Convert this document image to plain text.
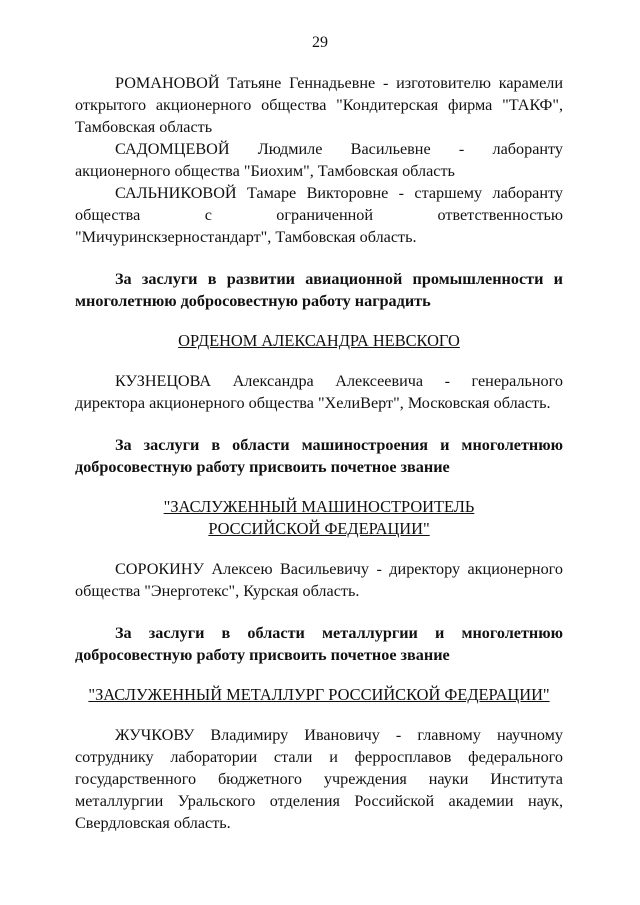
29

РОМАНОВОЙ Татьяне Геннадьевне - изготовителю карамели открытого акционерного общества "Кондитерская фирма "ТАКФ", Тамбовская область

САДОМЦЕВОЙ Людмиле Васильевне - лаборанту акционерного общества "Биохим", Тамбовская область

САЛЬНИКОВОЙ Тамаре Викторовне - старшему лаборанту общества с ограниченной ответственностью "Мичуринскзерностандарт", Тамбовская область.

За заслуги в развитии авиационной промышленности и многолетнюю добросовестную работу наградить

ОРДЕНОМ АЛЕКСАНДРА НЕВСКОГО

КУЗНЕЦОВА Александра Алексеевича - генерального директора акционерного общества "ХелиВерт", Московская область.

За заслуги в области машиностроения и многолетнюю добросовестную работу присвоить почетное звание

"ЗАСЛУЖЕННЫЙ МАШИНОСТРОИТЕЛЬ

РОССИЙСКОЙ ФЕДЕРАЦИИ"

СОРОКИНУ Алексею Васильевичу - директору акционерного общества "Энерготекс", Курская область.

За заслуги в области металлургии и многолетнюю добросовестную работу присвоить почетное звание

"ЗАСЛУЖЕННЫЙ МЕТАЛЛУРГ РОССИЙСКОЙ ФЕДЕРАЦИИ"

ЖУЧКОВУ Владимиру Ивановичу - главному научному сотруднику лаборатории стали и ферросплавов федерального государственного бюджетного учреждения науки Института металлургии Уральского отделения Российской академии наук, Свердловская область.
